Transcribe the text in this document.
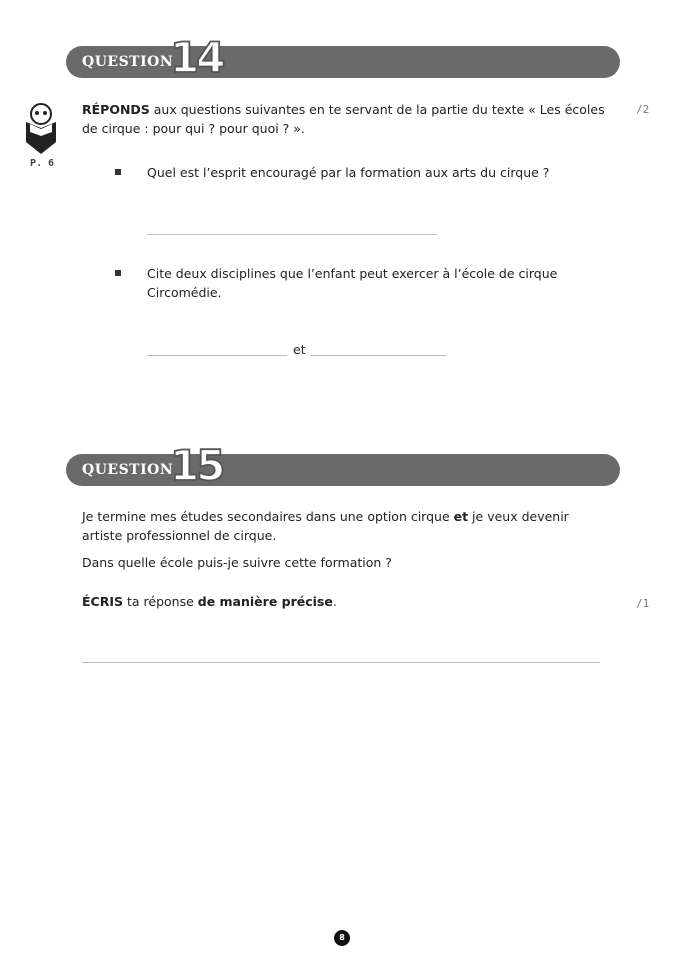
QUESTION
14
P. 6
RÉPONDS aux questions suivantes en te servant de la partie du texte « Les écoles de cirque : pour qui ? pour quoi ? ».
/2
Quel est l’esprit encouragé par la formation aux arts du cirque ?
Cite deux disciplines que l’enfant peut exercer à l’école de cirque Circomédie.
et
QUESTION
15
Je termine mes études secondaires dans une option cirque et je veux devenir artiste professionnel de cirque.
Dans quelle école puis-je suivre cette formation ?
ÉCRIS ta réponse de manière précise.	/1
8
